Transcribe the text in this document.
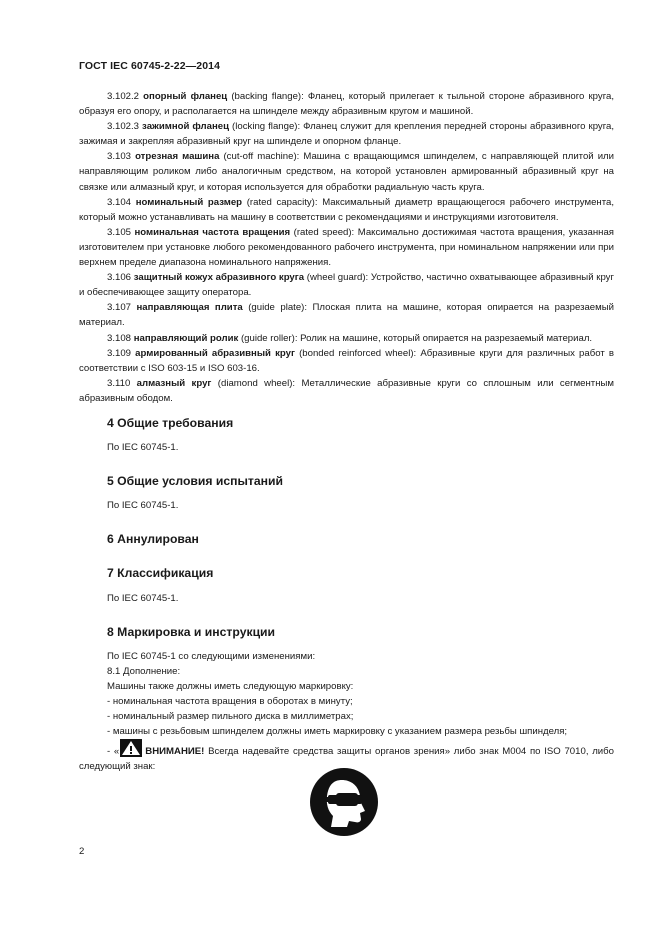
ГОСТ IEC 60745-2-22—2014

3.102.2 опорный фланец (backing flange): Фланец, который прилегает к тыльной стороне абразивного круга, образуя его опору, и располагается на шпинделе между абразивным кругом и машиной.

3.102.3 зажимной фланец (locking flange): Фланец служит для крепления передней стороны абразивного круга, зажимая и закрепляя абразивный круг на шпинделе и опорном фланце.

3.103 отрезная машина (cut-off machine): Машина с вращающимся шпинделем, с направляющей плитой или направляющим роликом либо аналогичным средством, на которой установлен армированный абразивный круг на связке или алмазный круг, и которая используется для обработки радиальную часть круга.

3.104 номинальный размер (rated capacity): Максимальный диаметр вращающегося рабочего инструмента, который можно устанавливать на машину в соответствии с рекомендациями и инструкциями изготовителя.

3.105 номинальная частота вращения (rated speed): Максимально достижимая частота вращения, указанная изготовителем при установке любого рекомендованного рабочего инструмента, при номинальном напряжении или при верхнем пределе диапазона номинального напряжения.

3.106 защитный кожух абразивного круга (wheel guard): Устройство, частично охватывающее абразивный круг и обеспечивающее защиту оператора.

3.107 направляющая плита (guide plate): Плоская плита на машине, которая опирается на разрезаемый материал.

3.108 направляющий ролик (guide roller): Ролик на машине, который опирается на разрезаемый материал.

3.109 армированный абразивный круг (bonded reinforced wheel): Абразивные круги для различных работ в соответствии с ISO 603-15 и ISO 603-16.

3.110 алмазный круг (diamond wheel): Металлические абразивные круги со сплошным или сегментным абразивным ободом.

4 Общие требования

По IEC 60745-1.

5 Общие условия испытаний

По IEC 60745-1.

6 Аннулирован

7 Классификация

По IEC 60745-1.

8 Маркировка и инструкции

По IEC 60745-1 со следующими изменениями:

8.1 Дополнение:

Машины также должны иметь следующую маркировку:

- номинальная частота вращения в оборотах в минуту;

- номинальный размер пильного диска в миллиметрах;

- машины с резьбовым шпинделем должны иметь маркировку с указанием размера резьбы шпинделя;

- «	ВНИМАНИЕ! Всегда надевайте средства защиты органов зрения» либо знак M004 по ISO 7010, либо следующий знак:

2
